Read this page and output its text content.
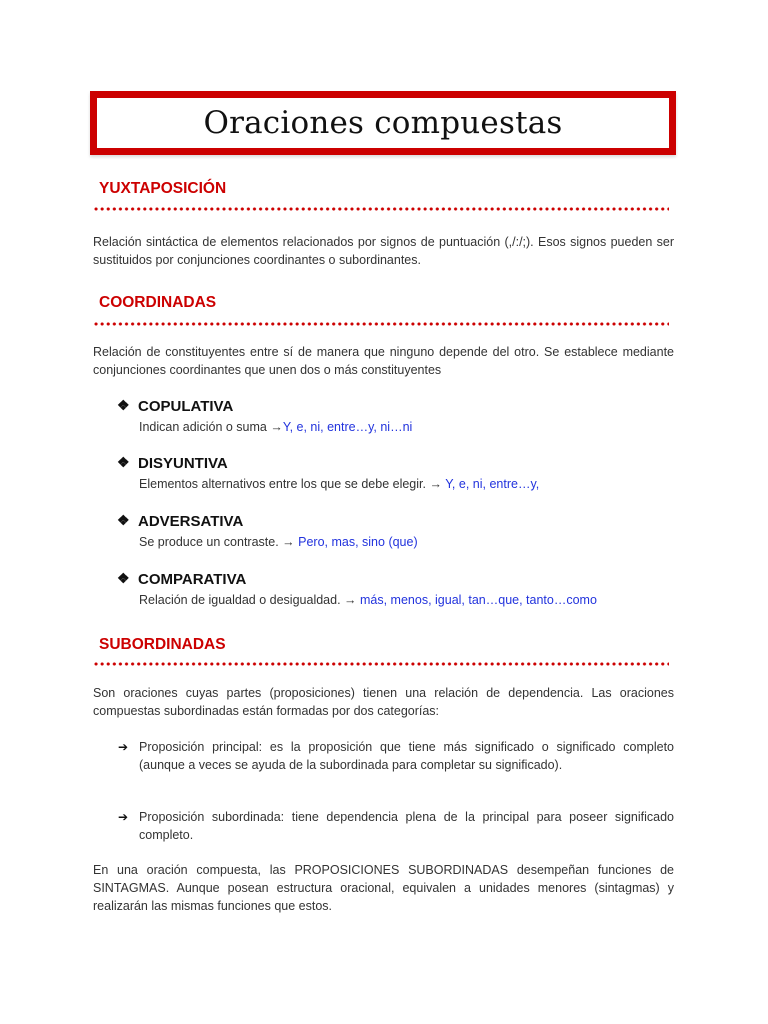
Oraciones compuestas
YUXTAPOSICIÓN

Relación sintáctica de elementos relacionados por signos de puntuación (,/:/;). Esos signos pueden ser sustituidos por conjunciones coordinantes o subordinantes.

COORDINADAS

Relación de constituyentes entre sí de manera que ninguno depende del otro. Se establece mediante conjunciones coordinantes que unen dos o más constituyentes

❖
COPULATIVA
Indican adición o suma →Y, e, ni, entre…y, ni…ni
❖
DISYUNTIVA
Elementos alternativos entre los que se debe elegir. → Y, e, ni, entre…y,
❖
ADVERSATIVA
Se produce un contraste. → Pero, mas, sino (que)
❖
COMPARATIVA
Relación de igualdad o desigualdad. → más, menos, igual, tan…que, tanto…como
SUBORDINADAS

Son oraciones cuyas partes (proposiciones) tienen una relación de dependencia. Las oraciones compuestas subordinadas están formadas por dos categorías:

➔ Proposición principal: es la proposición que tiene más significado o significado completo (aunque a veces se ayuda de la subordinada para completar su significado).
➔ Proposición subordinada: tiene dependencia plena de la principal para poseer significado completo.

En una oración compuesta, las PROPOSICIONES SUBORDINADAS desempeñan funciones de SINTAGMAS. Aunque posean estructura oracional, equivalen a unidades menores (sintagmas) y realizarán las mismas funciones que estos.
